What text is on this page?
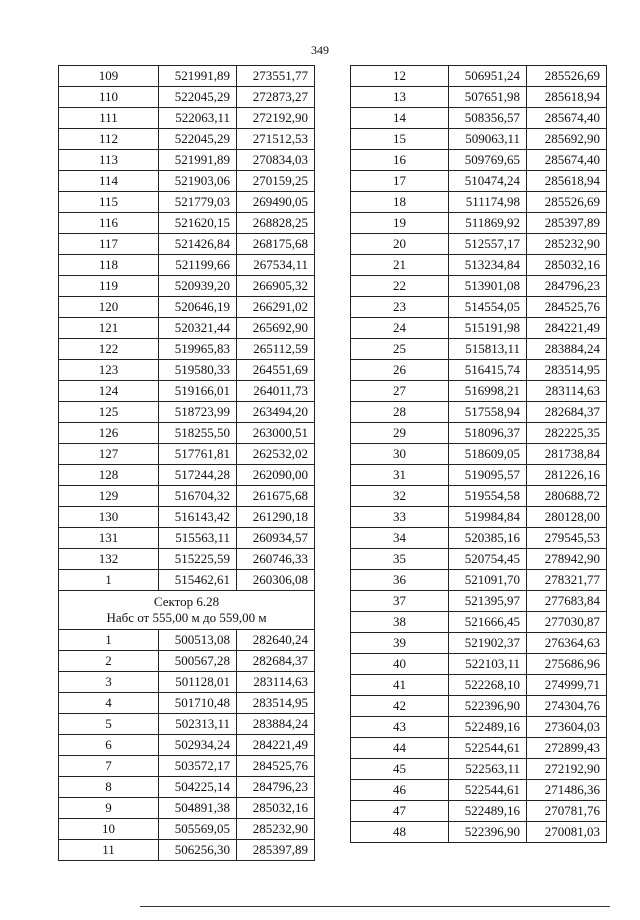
349
109	521991,89	273551,77
110	522045,29	272873,27
111	522063,11	272192,90
112	522045,29	271512,53
113	521991,89	270834,03
114	521903,06	270159,25
115	521779,03	269490,05
116	521620,15	268828,25
117	521426,84	268175,68
118	521199,66	267534,11
119	520939,20	266905,32
120	520646,19	266291,02
121	520321,44	265692,90
122	519965,83	265112,59
123	519580,33	264551,69
124	519166,01	264011,73
125	518723,99	263494,20
126	518255,50	263000,51
127	517761,81	262532,02
128	517244,28	262090,00
129	516704,32	261675,68
130	516143,42	261290,18
131	515563,11	260934,57
132	515225,59	260746,33
1	515462,61	260306,08

Сектор 6.28
Набс от 555,00 м до 559,00 м		

1	500513,08	282640,24
2	500567,28	282684,37
3	501128,01	283114,63
4	501710,48	283514,95
5	502313,11	283884,24
6	502934,24	284221,49
7	503572,17	284525,76
8	504225,14	284796,23
9	504891,38	285032,16
10	505569,05	285232,90
11	506256,30	285397,89
12	506951,24	285526,69
13	507651,98	285618,94
14	508356,57	285674,40
15	509063,11	285692,90
16	509769,65	285674,40
17	510474,24	285618,94
18	511174,98	285526,69
19	511869,92	285397,89
20	512557,17	285232,90
21	513234,84	285032,16
22	513901,08	284796,23
23	514554,05	284525,76
24	515191,98	284221,49
25	515813,11	283884,24
26	516415,74	283514,95
27	516998,21	283114,63
28	517558,94	282684,37
29	518096,37	282225,35
30	518609,05	281738,84
31	519095,57	281226,16
32	519554,58	280688,72
33	519984,84	280128,00
34	520385,16	279545,53
35	520754,45	278942,90
36	521091,70	278321,77
37	521395,97	277683,84
38	521666,45	277030,87
39	521902,37	276364,63
40	522103,11	275686,96
41	522268,10	274999,71
42	522396,90	274304,76
43	522489,16	273604,03
44	522544,61	272899,43
45	522563,11	272192,90
46	522544,61	271486,36
47	522489,16	270781,76
48	522396,90	270081,03
